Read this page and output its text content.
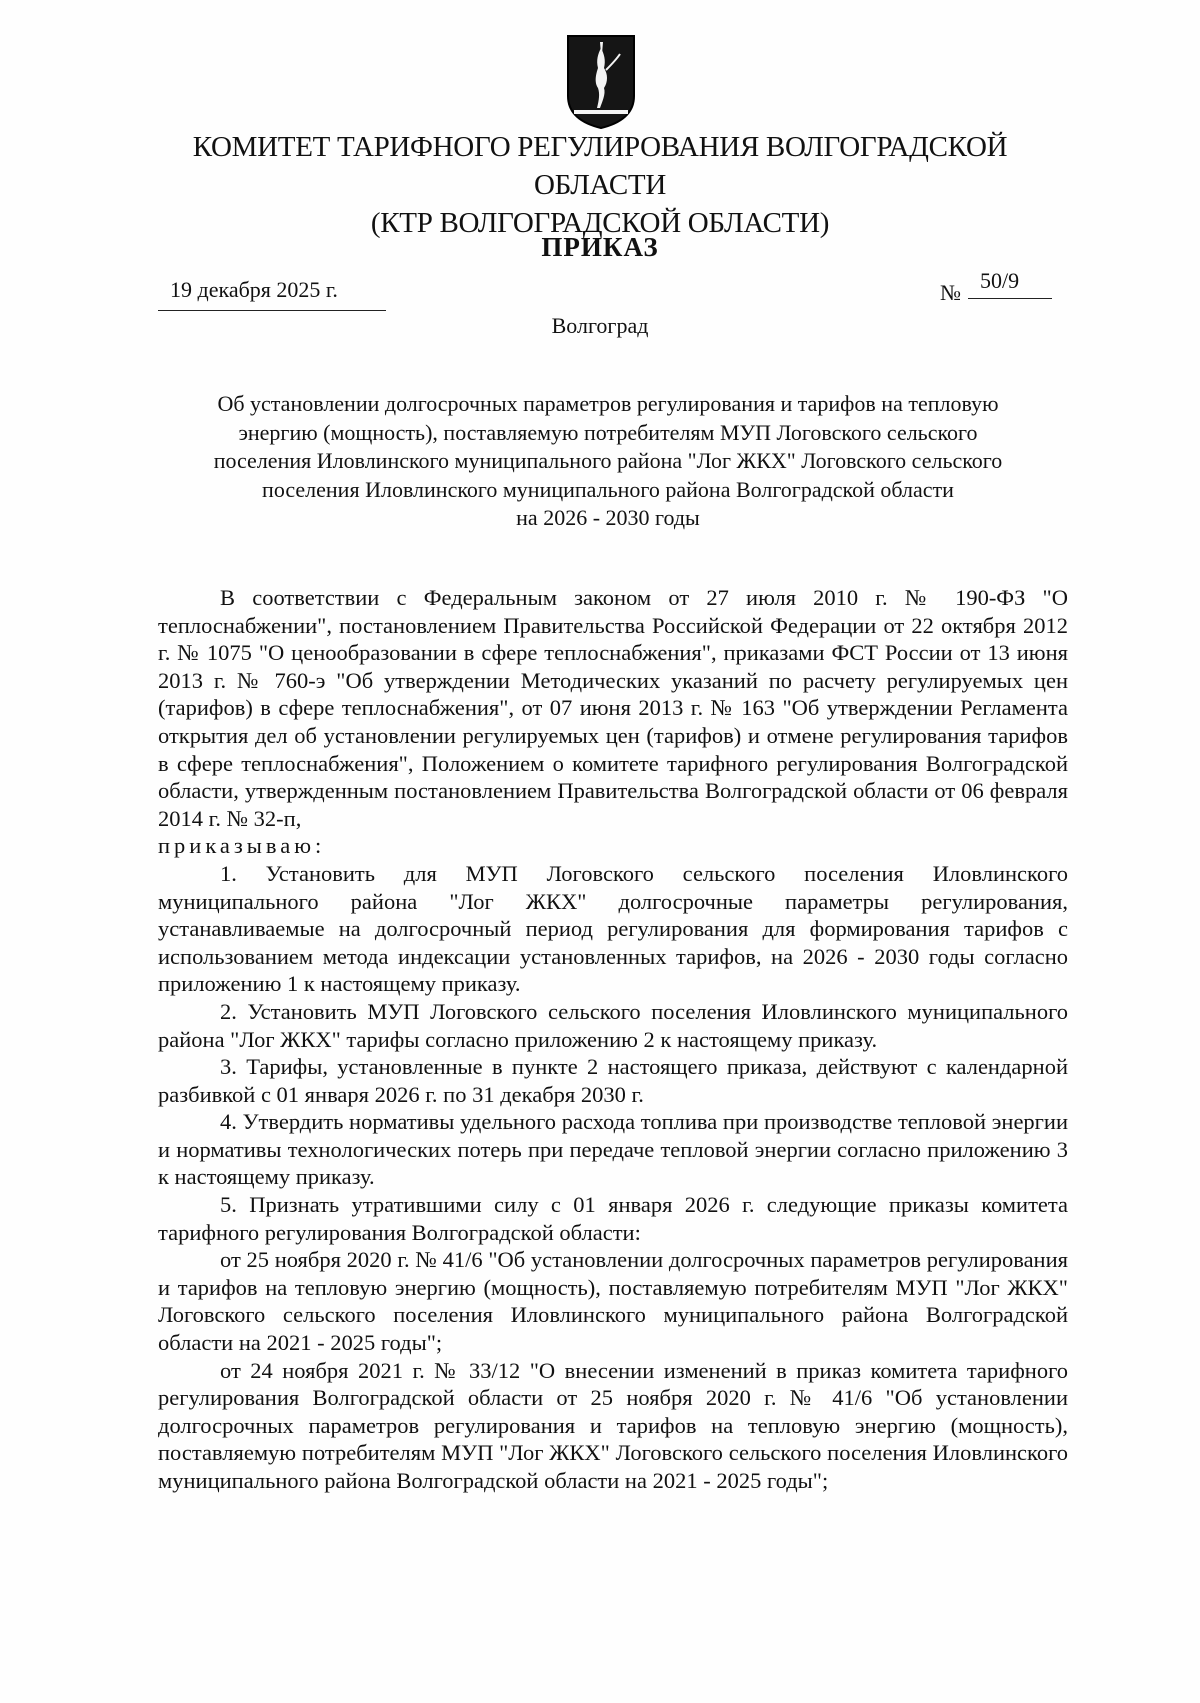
КОМИТЕТ ТАРИФНОГО РЕГУЛИРОВАНИЯ ВОЛГОГРАДСКОЙ ОБЛАСТИ
(КТР ВОЛГОГРАДСКОЙ ОБЛАСТИ)
ПРИКАЗ
19 декабря 2025 г.	№ 50/9
Волгоград
Об установлении долгосрочных параметров регулирования и тарифов на тепловую
энергию (мощность), поставляемую потребителям МУП Логовского сельского
поселения Иловлинского муниципального района "Лог ЖКХ" Логовского сельского
поселения Иловлинского муниципального района Волгоградской области
на 2026 - 2030 годы

В соответствии с Федеральным законом от 27 июля 2010 г. № 190-ФЗ "О теплоснабжении", постановлением Правительства Российской Федерации от 22 октября 2012 г. № 1075 "О ценообразовании в сфере теплоснабжения", приказами ФСТ России от 13 июня 2013 г. № 760-э "Об утверждении Методических указаний по расчету регулируемых цен (тарифов) в сфере теплоснабжения", от 07 июня 2013 г. № 163 "Об утверждении Регламента открытия дел об установлении регулируемых цен (тарифов) и отмене регулирования тарифов в сфере теплоснабжения", Положением о комитете тарифного регулирования Волгоградской области, утвержденным постановлением Правительства Волгоградской области от 06 февраля 2014 г. № 32-п,

приказываю:

1. Установить для МУП Логовского сельского поселения Иловлинского муниципального района "Лог ЖКХ" долгосрочные параметры регулирования, устанавливаемые на долгосрочный период регулирования для формирования тарифов с использованием метода индексации установленных тарифов, на 2026 - 2030 годы согласно приложению 1 к настоящему приказу.

2. Установить МУП Логовского сельского поселения Иловлинского муниципального района "Лог ЖКХ" тарифы согласно приложению 2 к настоящему приказу.

3. Тарифы, установленные в пункте 2 настоящего приказа, действуют с календарной разбивкой с 01 января 2026 г. по 31 декабря 2030 г.

4. Утвердить нормативы удельного расхода топлива при производстве тепловой энергии и нормативы технологических потерь при передаче тепловой энергии согласно приложению 3 к настоящему приказу.

5. Признать утратившими силу с 01 января 2026 г. следующие приказы комитета тарифного регулирования Волгоградской области:

от 25 ноября 2020 г. № 41/6 "Об установлении долгосрочных параметров регулирования и тарифов на тепловую энергию (мощность), поставляемую потребителям МУП "Лог ЖКХ" Логовского сельского поселения Иловлинского муниципального района Волгоградской области на 2021 - 2025 годы";

от 24 ноября 2021 г. № 33/12 "О внесении изменений в приказ комитета тарифного регулирования Волгоградской области от 25 ноября 2020 г. № 41/6 "Об установлении долгосрочных параметров регулирования и тарифов на тепловую энергию (мощность), поставляемую потребителям МУП "Лог ЖКХ" Логовского сельского поселения Иловлинского муниципального района Волгоградской области на 2021 - 2025 годы";
